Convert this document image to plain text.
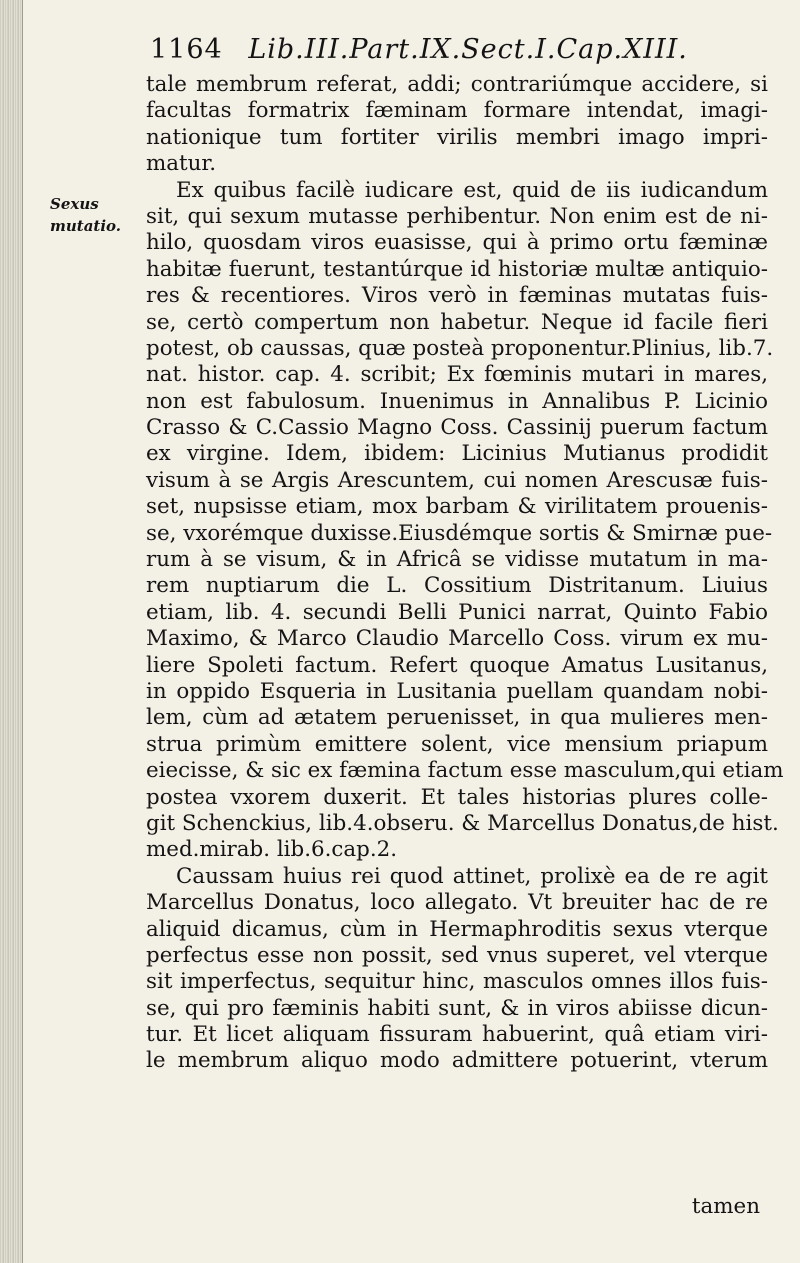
1164 Lib.III.Part.IX.Sect.I.Cap.XIII.
Sexus
mutatio.
tale membrum referat, addi; contrariúmque accidere, si
facultas formatrix fæminam formare intendat, imagi-
nationique tum fortiter virilis membri imago impri-
matur.
Ex quibus facilè iudicare est, quid de iis iudicandum
sit, qui sexum mutasse perhibentur. Non enim est de ni-
hilo, quosdam viros euasisse, qui à primo ortu fæminæ
habitæ fuerunt, testantúrque id historiæ multæ antiquio-
res & recentiores. Viros verò in fæminas mutatas fuis-
se, certò compertum non habetur. Neque id facile fieri
potest, ob caussas, quæ posteà proponentur.Plinius, lib.7.
nat. histor. cap. 4. scribit; Ex fœminis mutari in mares,
non est fabulosum. Inuenimus in Annalibus P. Licinio
Crasso & C.Cassio Magno Coss. Cassinij puerum factum
ex virgine. Idem, ibidem: Licinius Mutianus prodidit
visum à se Argis Arescuntem, cui nomen Arescusæ fuis-
set, nupsisse etiam, mox barbam & virilitatem prouenis-
se, vxorémque duxisse.Eiusdémque sortis & Smirnæ pue-
rum à se visum, & in Africâ se vidisse mutatum in ma-
rem nuptiarum die L. Cossitium Distritanum. Liuius
etiam, lib. 4. secundi Belli Punici narrat, Quinto Fabio
Maximo, & Marco Claudio Marcello Coss. virum ex mu-
liere Spoleti factum. Refert quoque Amatus Lusitanus,
in oppido Esqueria in Lusitania puellam quandam nobi-
lem, cùm ad ætatem peruenisset, in qua mulieres men-
strua primùm emittere solent, vice mensium priapum
eiecisse, & sic ex fæmina factum esse masculum,qui etiam
postea vxorem duxerit. Et tales historias plures colle-
git Schenckius, lib.4.obseru. & Marcellus Donatus,de hist.
med.mirab. lib.6.cap.2.
Caussam huius rei quod attinet, prolixè ea de re agit
Marcellus Donatus, loco allegato. Vt breuiter hac de re
aliquid dicamus, cùm in Hermaphroditis sexus vterque
perfectus esse non possit, sed vnus superet, vel vterque
sit imperfectus, sequitur hinc, masculos omnes illos fuis-
se, qui pro fæminis habiti sunt, & in viros abiisse dicun-
tur. Et licet aliquam fissuram habuerint, quâ etiam viri-
le membrum aliquo modo admittere potuerint, vterum
tamen
